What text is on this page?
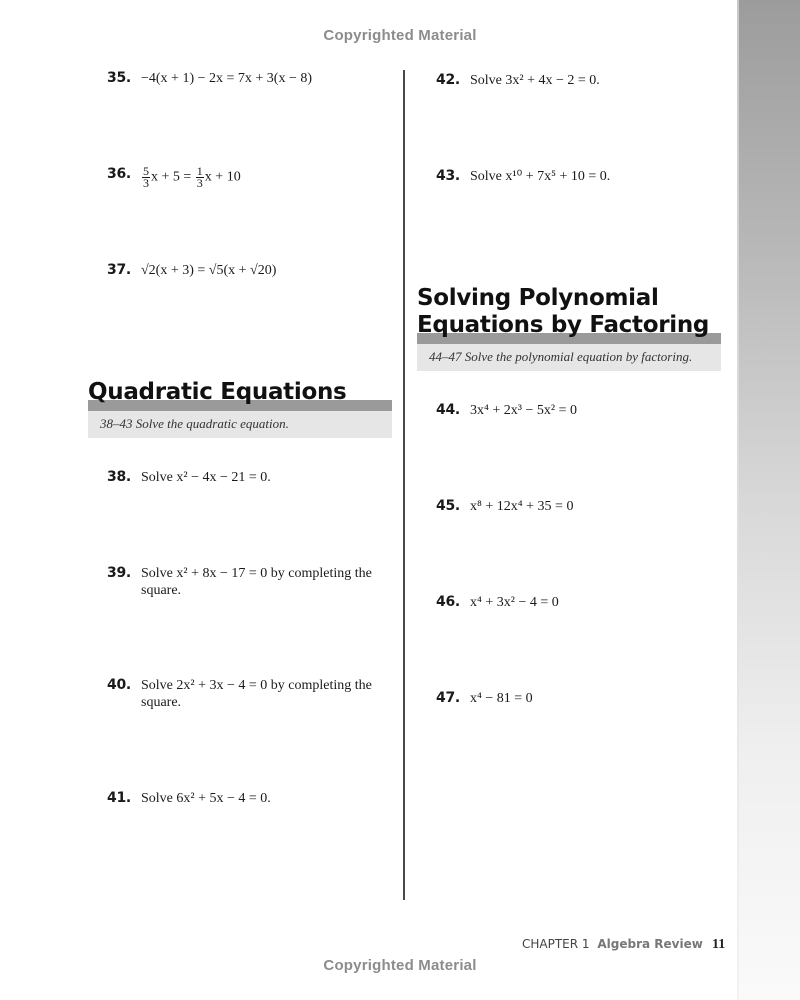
Copyrighted Material
35. −4(x + 1) − 2x = 7x + 3(x − 8)
36. $\frac{5}{3}$ $x + 5 = \frac{1}{3}$ x + 10
37. √2(x + 3) = √5(x + √20)
Quadratic Equations
38–43 Solve the quadratic equation.
38. Solve x² − 4x − 21 = 0.
39. Solve x² + 8x − 17 = 0 by completing the square.
40. Solve 2x² + 3x − 4 = 0 by completing the square.
41. Solve 6x² + 5x − 4 = 0.
42. Solve 3x² + 4x − 2 = 0.
43. Solve x¹⁰ + 7x⁵ + 10 = 0.
Solving Polynomial
Equations by Factoring
44–47 Solve the polynomial equation by factoring.
44. 3x⁴ + 2x³ − 5x² = 0
45. x⁸ + 12x⁴ + 35 = 0
46. x⁴ + 3x² − 4 = 0
47. x⁴ − 81 = 0
CHAPTER 1 Algebra Review 11
Copyrighted Material
